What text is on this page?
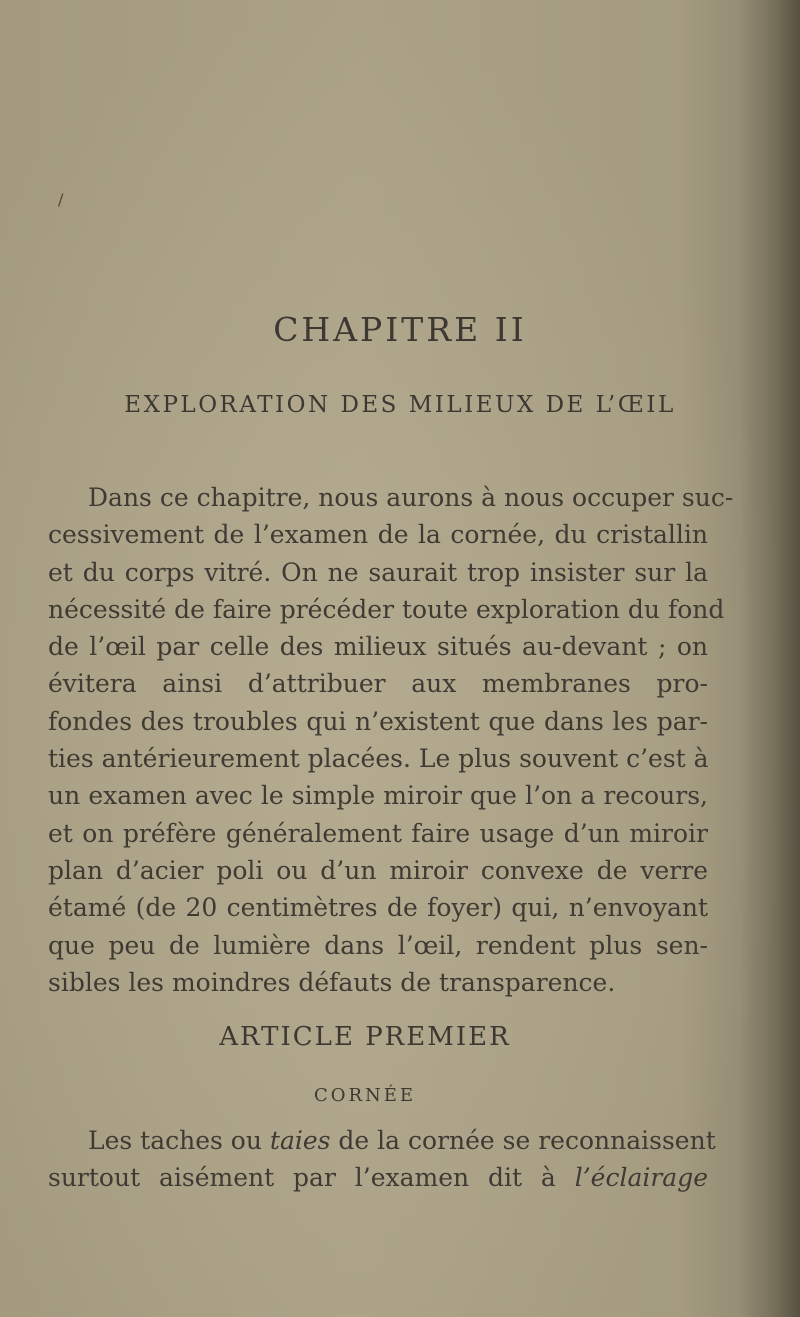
/
CHAPITRE II
EXPLORATION DES MILIEUX DE L’ŒIL
Dans ce chapitre, nous aurons à nous occuper suc-
cessivement de l’examen de la cornée, du cristallin
et du corps vitré. On ne saurait trop insister sur la
nécessité de faire précéder toute exploration du fond
de l’œil par celle des milieux situés au-devant ; on
évitera ainsi d’attribuer aux membranes pro-
fondes des troubles qui n’existent que dans les par-
ties antérieurement placées. Le plus souvent c’est à
un examen avec le simple miroir que l’on a recours,
et on préfère généralement faire usage d’un miroir
plan d’acier poli ou d’un miroir convexe de verre
étamé (de 20 centimètres de foyer) qui, n’envoyant
que peu de lumière dans l’œil, rendent plus sen-
sibles les moindres défauts de transparence.
ARTICLE PREMIER
CORNÉE
Les taches ou taies de la cornée se reconnaissent
surtout aisément par l’examen dit à l’éclairage
